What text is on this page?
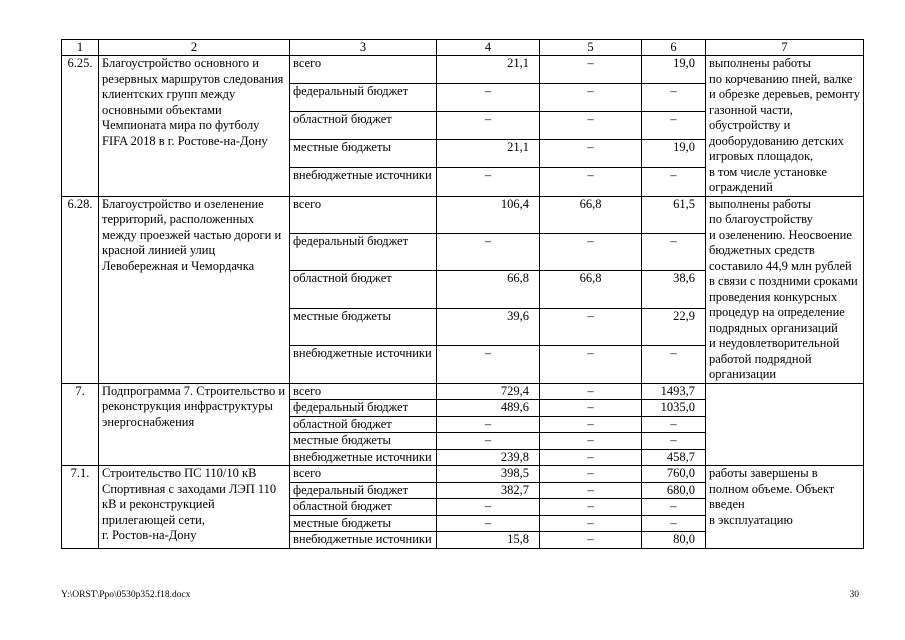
1	2	3	4	5	6	7
6.25.	Благоустройство основного и резервных маршрутов следования клиентских групп между основными объектами Чемпионата мира по футболу FIFA 2018 в г. Ростове-на-Дону	всего	21,1	–	19,0	выполнены работы
по корчеванию пней, валке и обрезке деревьев, ремонту газонной части, обустройству и дооборудованию детских игровых площадок,
в том числе установке ограждений
		федеральный бюджет	–	–	–	
		областной бюджет	–	–	–	
		местные бюджеты	21,1	–	19,0	
		внебюджетные источники	–	–	–	
6.28.	Благоустройство и озеленение территорий, расположенных между проезжей частью дороги и красной линией улиц Левобережная и Чемордачка	всего	106,4	66,8	61,5	выполнены работы
по благоустройству
и озеленению. Неосвоение бюджетных средств составило 44,9 млн рублей
в связи с поздними сроками проведения конкурсных процедур на определение подрядных организаций
и неудовлетворительной работой подрядной организации
		федеральный бюджет	–	–	–	
		областной бюджет	66,8	66,8	38,6	
		местные бюджеты	39,6	–	22,9	
		внебюджетные источники	–	–	–	
7.	Подпрограмма 7. Строительство и реконструкция инфраструктуры энергоснабжения	всего	729,4	–	1493,7	
		федеральный бюджет	489,6	–	1035,0	
		областной бюджет	–	–	–	
		местные бюджеты	–	–	–	
		внебюджетные источники	239,8	–	458,7	
7.1.	Строительство ПС 110/10 кВ Спортивная с заходами ЛЭП 110 кВ и реконструкцией прилегающей сети,
г. Ростов-на-Дону	всего	398,5	–	760,0	работы завершены в полном объеме. Объект введен
в эксплуатацию
		федеральный бюджет	382,7	–	680,0	
		областной бюджет	–	–	–	
		местные бюджеты	–	–	–	
		внебюджетные источники	15,8	–	80,0	
Y:\ORST\Ppo\0530p352.f18.docx	30
